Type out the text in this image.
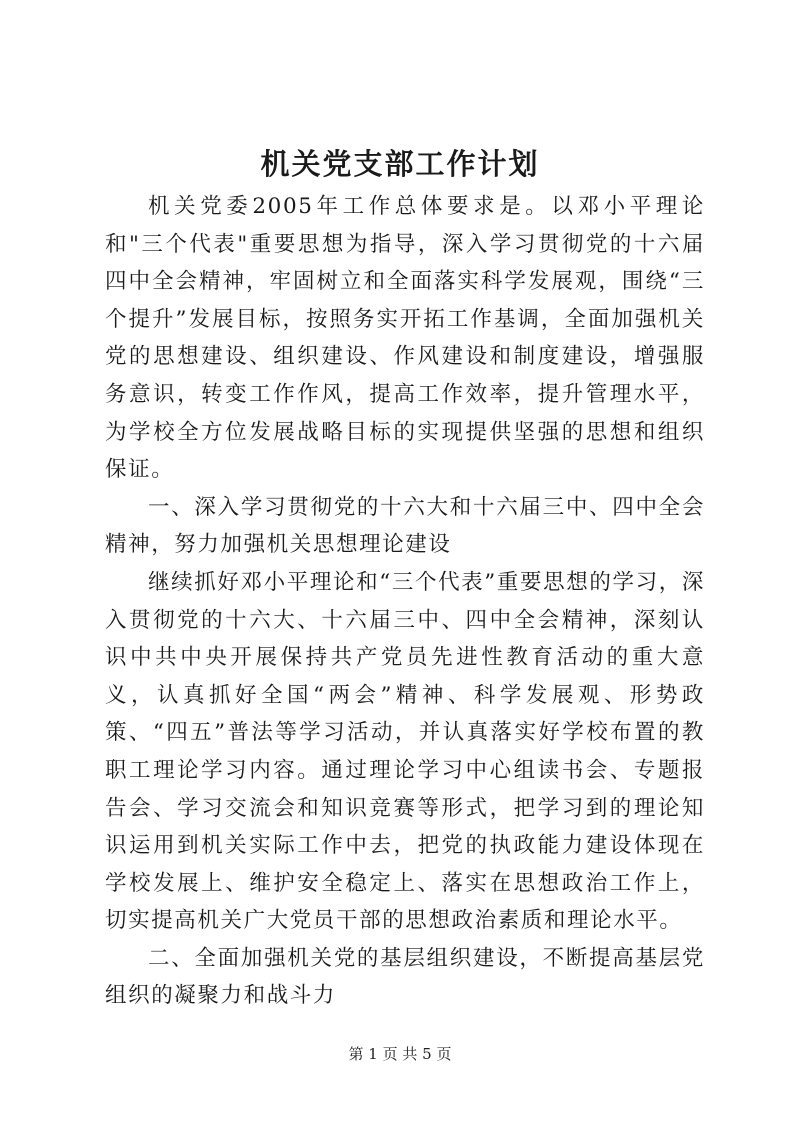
机关党支部工作计划

机关党委2005年工作总体要求是。以邓小平理论和"三个代表"重要思想为指导，深入学习贯彻党的十六届四中全会精神，牢固树立和全面落实科学发展观，围绕“三个提升”发展目标，按照务实开拓工作基调，全面加强机关党的思想建设、组织建设、作风建设和制度建设，增强服务意识，转变工作作风，提高工作效率，提升管理水平，为学校全方位发展战略目标的实现提供坚强的思想和组织保证。

一、深入学习贯彻党的十六大和十六届三中、四中全会精神，努力加强机关思想理论建设

继续抓好邓小平理论和“三个代表”重要思想的学习，深入贯彻党的十六大、十六届三中、四中全会精神，深刻认识中共中央开展保持共产党员先进性教育活动的重大意义，认真抓好全国“两会”精神、科学发展观、形势政策、“四五”普法等学习活动，并认真落实好学校布置的教职工理论学习内容。通过理论学习中心组读书会、专题报告会、学习交流会和知识竞赛等形式，把学习到的理论知识运用到机关实际工作中去，把党的执政能力建设体现在学校发展上、维护安全稳定上、落实在思想政治工作上，切实提高机关广大党员干部的思想政治素质和理论水平。

二、全面加强机关党的基层组织建设，不断提高基层党组织的凝聚力和战斗力

第 1 页 共 5 页
